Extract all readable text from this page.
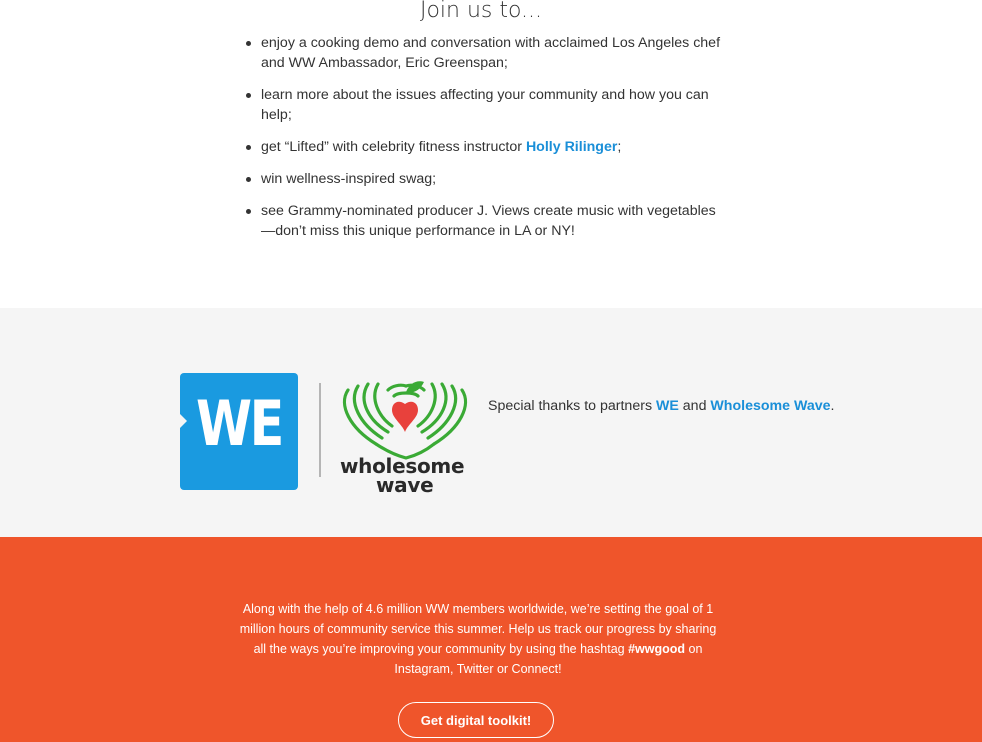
Join us to...
enjoy a cooking demo and conversation with acclaimed Los Angeles chef and WW Ambassador, Eric Greenspan;
learn more about the issues affecting your community and how you can help;
get “Lifted” with celebrity fitness instructor Holly Rilinger;
win wellness-inspired swag;
see Grammy-nominated producer J. Views create music with vegetables—don’t miss this unique performance in LA or NY!
WE
wholesome
wave

Special thanks to partners WE and Wholesome Wave.

Along with the help of 4.6 million WW members worldwide, we’re setting the goal of 1 million hours of community service this summer. Help us track our progress by sharing all the ways you’re improving your community by using the hashtag #wwgood on Instagram, Twitter or Connect!

Get digital toolkit!
